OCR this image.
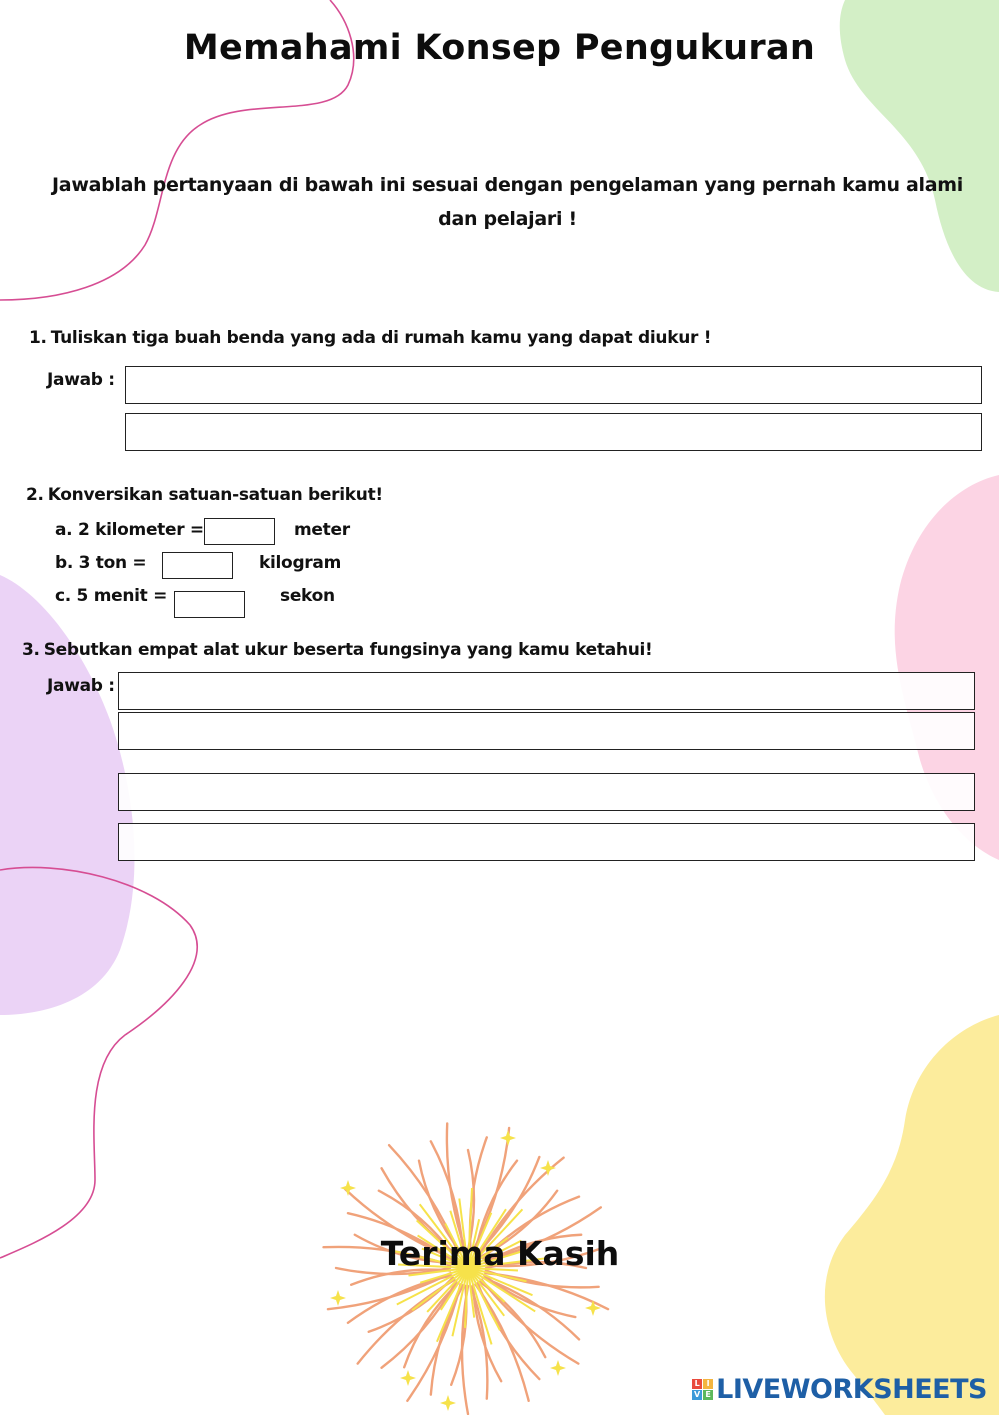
Memahami Konsep Pengukuran
Jawablah pertanyaan di bawah ini sesuai dengan pengelaman yang pernah kamu alami dan pelajari !
1. Tuliskan tiga buah benda yang ada di rumah kamu yang dapat diukur !
Jawab :
2. Konversikan satuan-satuan berikut!
a. 2 kilometer =	meter
b. 3 ton =	kilogram
c. 5 menit =	sekon
3. Sebutkan empat alat ukur beserta fungsinya yang kamu ketahui!
Jawab :
Terima Kasih
L I
V E LIVEWORKSHEETS
